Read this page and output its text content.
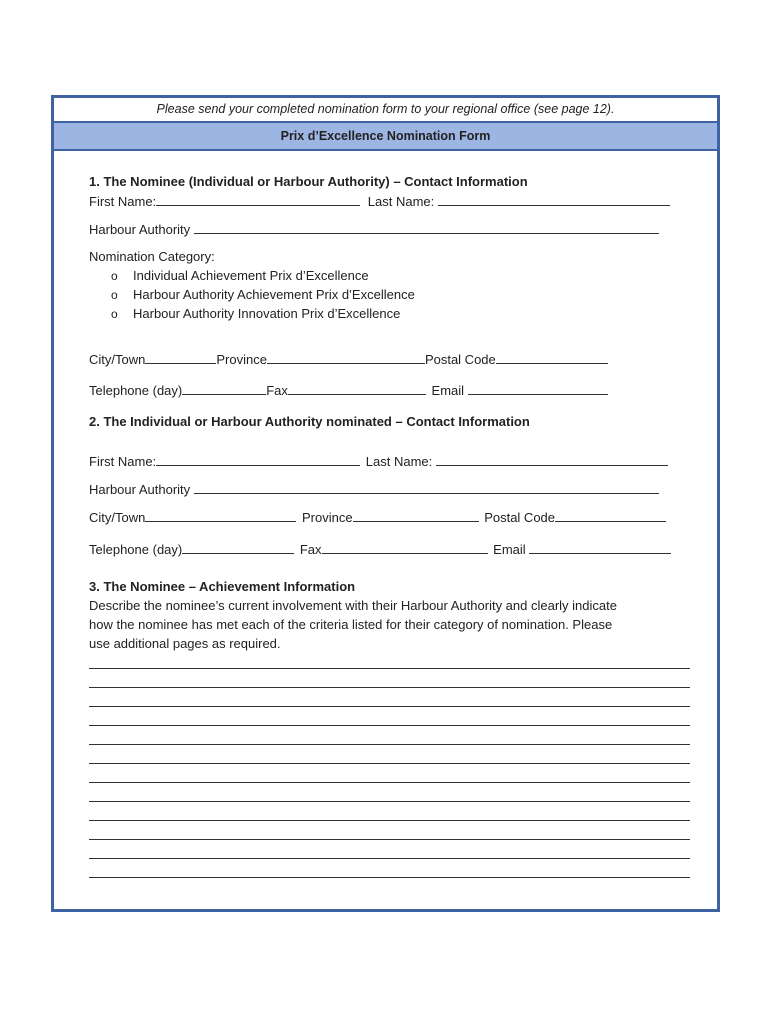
Please send your completed nomination form to your regional office (see page 12).
Prix d’Excellence Nomination Form
1. The Nominee (Individual or Harbour Authority) – Contact Information
First Name:	Last Name:
Harbour Authority
Nomination Category:
o Individual Achievement Prix d’Excellence
o Harbour Authority Achievement Prix d’Excellence
o Harbour Authority Innovation Prix d’Excellence
City/Town	Province	Postal Code
Telephone (day)	Fax	Email
2. The Individual or Harbour Authority nominated – Contact Information
First Name:	Last Name:
Harbour Authority
City/Town	Province	Postal Code
Telephone (day)	Fax	Email
3. The Nominee – Achievement Information
Describe the nominee’s current involvement with their Harbour Authority and clearly indicate
how the nominee has met each of the criteria listed for their category of nomination. Please
use additional pages as required.
